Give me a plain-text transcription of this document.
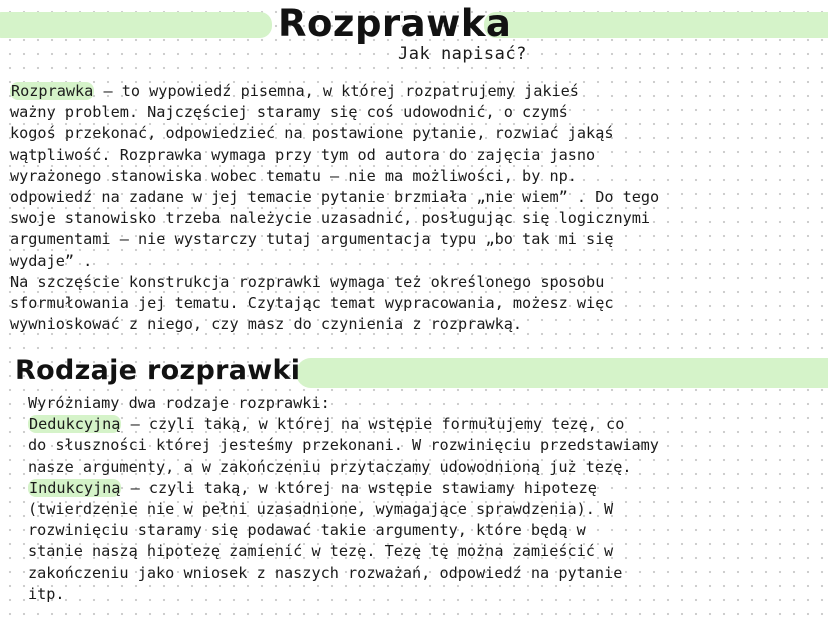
Rozprawka
Jak napisać?
Rozprawka – to wypowiedź pisemna, w której rozpatrujemy jakieś
ważny problem. Najczęściej staramy się coś udowodnić, o czymś
kogoś przekonać, odpowiedzieć na postawione pytanie, rozwiać jakąś
wątpliwość. Rozprawka wymaga przy tym od autora do zajęcia jasno
wyrażonego stanowiska wobec tematu – nie ma możliwości, by np.
odpowiedź na zadane w jej temacie pytanie brzmiała „nie wiem” . Do tego
swoje stanowisko trzeba należycie uzasadnić, posługując się logicznymi
argumentami – nie wystarczy tutaj argumentacja typu „bo tak mi się
wydaje” .
Na szczęście konstrukcja rozprawki wymaga też określonego sposobu
sformułowania jej tematu. Czytając temat wypracowania, możesz więc
wywnioskować z niego, czy masz do czynienia z rozprawką.
Rodzaje rozprawki
Wyróżniamy dwa rodzaje rozprawki:
Dedukcyjną – czyli taką, w której na wstępie formułujemy tezę, co
do słuszności której jesteśmy przekonani. W rozwinięciu przedstawiamy
nasze argumenty, a w zakończeniu przytaczamy udowodnioną już tezę.
Indukcyjną – czyli taką, w której na wstępie stawiamy hipotezę
(twierdzenie nie w pełni uzasadnione, wymagające sprawdzenia). W
rozwinięciu staramy się podawać takie argumenty, które będą w
stanie naszą hipotezę zamienić w tezę. Tezę tę można zamieścić w
zakończeniu jako wniosek z naszych rozważań, odpowiedź na pytanie
itp.
